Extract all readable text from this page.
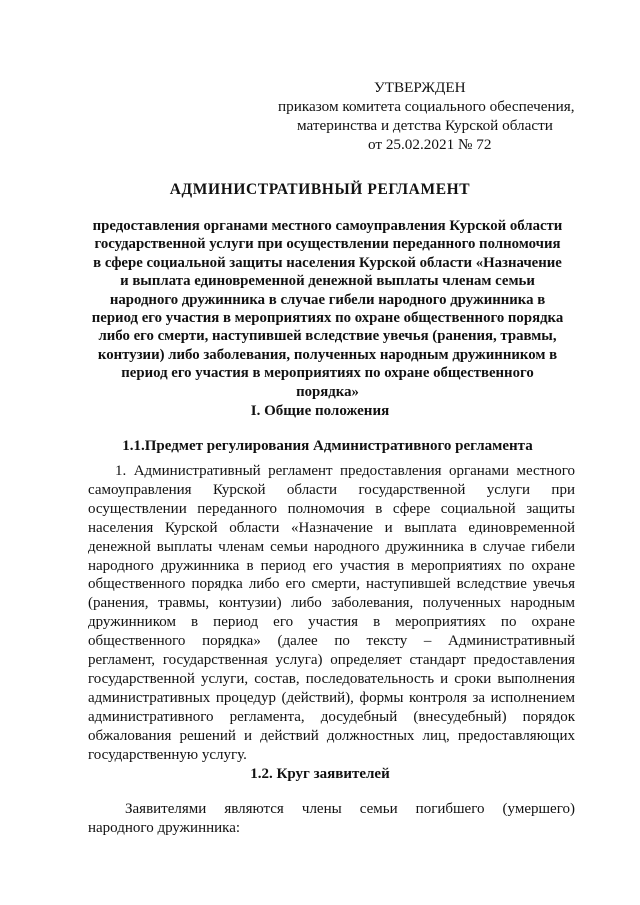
УТВЕРЖДЕН
приказом комитета социального обеспечения,
материнства и детства Курской области
от 25.02.2021 № 72
АДМИНИСТРАТИВНЫЙ РЕГЛАМЕНТ
предоставления органами местного самоуправления Курской области
государственной услуги при осуществлении переданного полномочия
в сфере социальной защиты населения Курской области «Назначение
и выплата единовременной денежной выплаты членам семьи
народного дружинника в случае гибели народного дружинника в
период его участия в мероприятиях по охране общественного порядка
либо его смерти, наступившей вследствие увечья (ранения, травмы,
контузии) либо заболевания, полученных народным дружинником в
период его участия в мероприятиях по охране общественного
порядка»
I. Общие положения
1.1.Предмет регулирования Административного регламента
1. Административный регламент предоставления органами местного
самоуправления Курской области государственной услуги при
осуществлении переданного полномочия в сфере социальной защиты
населения Курской области «Назначение и выплата единовременной
денежной выплаты членам семьи народного дружинника в случае гибели
народного дружинника в период его участия в мероприятиях по охране
общественного порядка либо его смерти, наступившей вследствие увечья
(ранения, травмы, контузии) либо заболевания, полученных народным
дружинником в период его участия в мероприятиях по охране
общественного порядка» (далее по тексту – Административный
регламент, государственная услуга) определяет стандарт предоставления
государственной услуги, состав, последовательность и сроки выполнения
административных процедур (действий), формы контроля за исполнением
административного регламента, досудебный (внесудебный) порядок
обжалования решений и действий должностных лиц, предоставляющих
государственную услугу.
1.2. Круг заявителей
Заявителями являются члены семьи погибшего (умершего)
народного дружинника:
